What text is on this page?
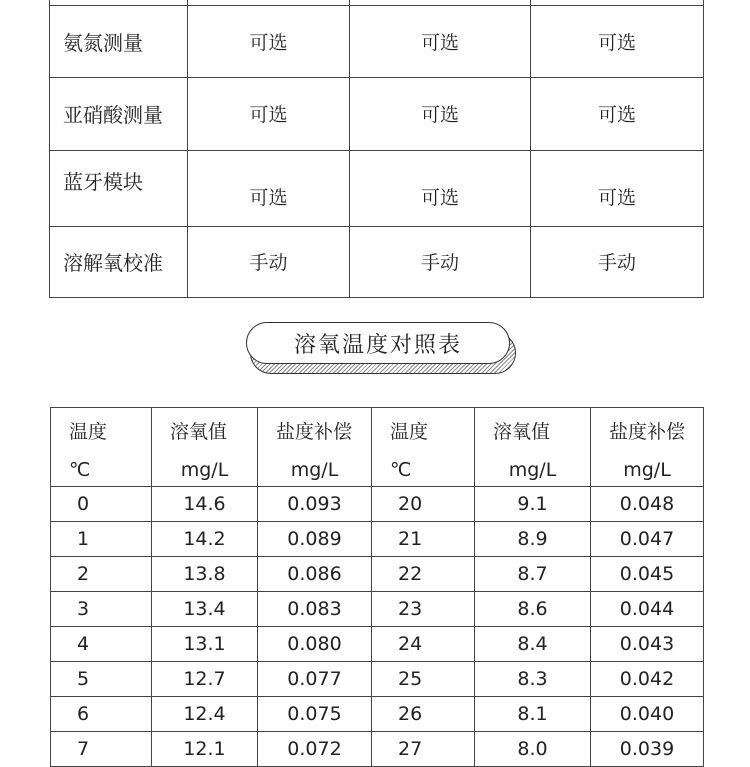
氨氮测量	可选	可选	可选
亚硝酸测量	可选	可选	可选

蓝牙模块	可选	可选	可选

溶解氧校准	手动	手动	手动
溶氧温度对照表
温度	溶氧值	盐度补偿	温度	溶氧值	盐度补偿
℃	mg/L	mg/L	℃	mg/L	mg/L
0	14.6	0.093	20	9.1	0.048
1	14.2	0.089	21	8.9	0.047
2	13.8	0.086	22	8.7	0.045
3	13.4	0.083	23	8.6	0.044
4	13.1	0.080	24	8.4	0.043
5	12.7	0.077	25	8.3	0.042
6	12.4	0.075	26	8.1	0.040
7	12.1	0.072	27	8.0	0.039
